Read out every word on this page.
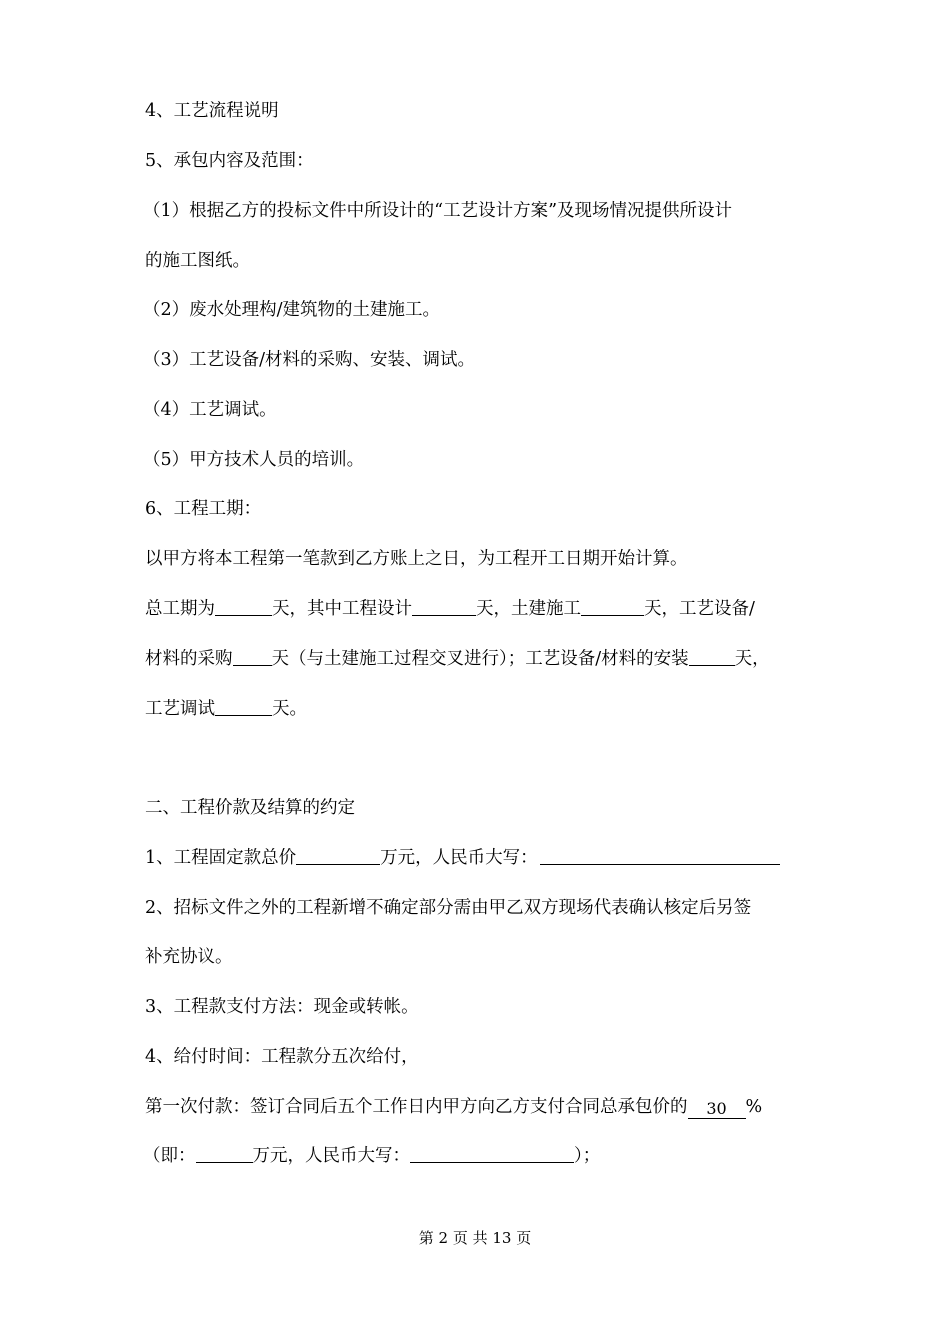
4、工艺流程说明
5、承包内容及范围：
（1）根据乙方的投标文件中所设计的“工艺设计方案”及现场情况提供所设计
的施工图纸。
（2）废水处理构/建筑物的土建施工。
（3）工艺设备/材料的采购、安装、调试。
（4）工艺调试。
（5）甲方技术人员的培训。
6、工程工期：
以甲方将本工程第一笔款到乙方账上之日，为工程开工日期开始计算。
总工期为	天，其中工程设计	天，土建施工	天，工艺设备/
材料的采购 天（与土建施工过程交叉进行）；工艺设备/材料的安装	天，
工艺调试	天。
二、工程价款及结算的约定
1、工程固定款总价	万元，人民币大写：
2、招标文件之外的工程新增不确定部分需由甲乙双方现场代表确认核定后另签
补充协议。
3、工程款支付方法：现金或转帐。
4、给付时间：工程款分五次给付，
第一次付款：签订合同后五个工作日内甲方向乙方支付合同总承包价的 30 %
（即：	万元，人民币大写：	）；
第 2 页 共 13 页
